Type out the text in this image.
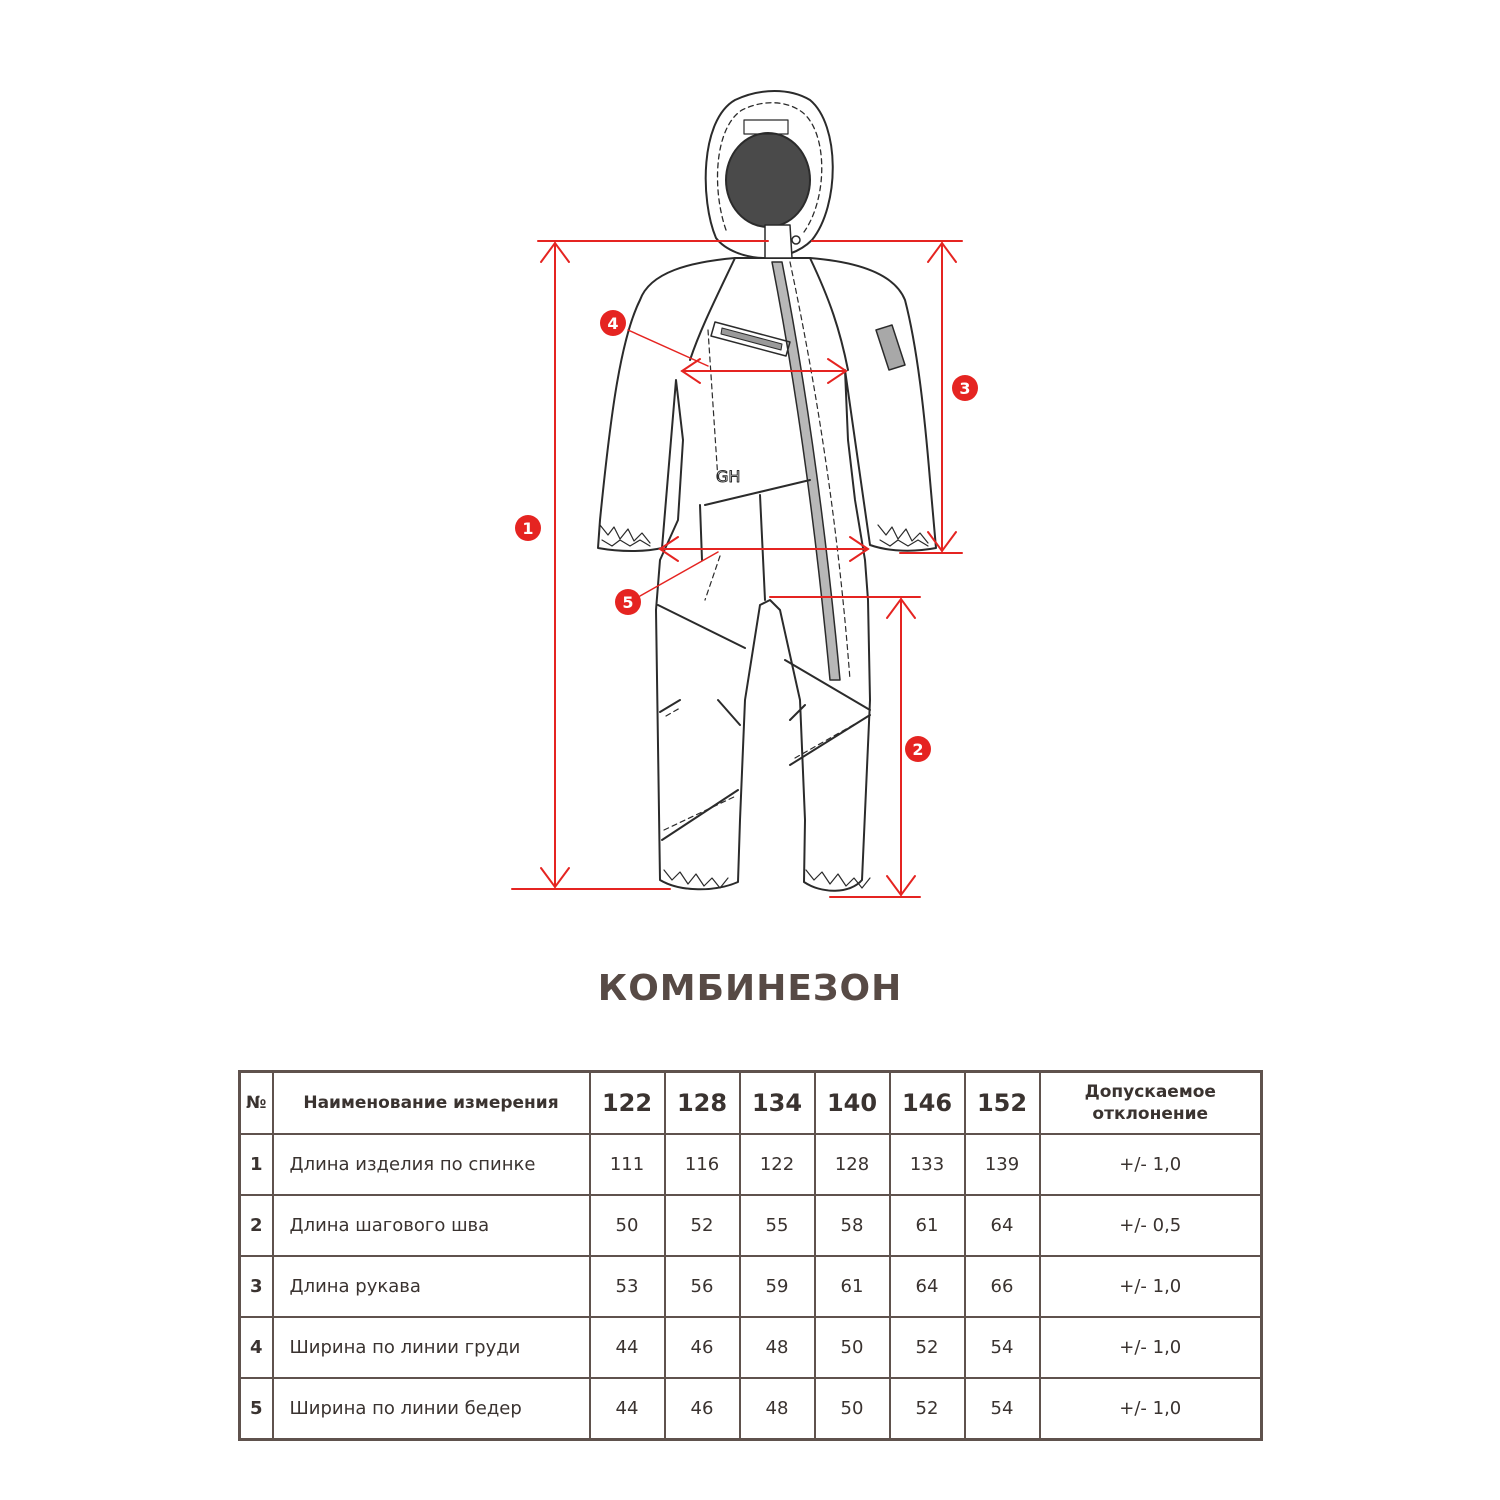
GH
1
2
3
4
5
КОМБИНЕЗОН
№	Наименование измерения	122	128	134	140	146	152	Допускаемое
отклонение
1	Длина изделия по спинке	111	116	122	128	133	139	+/- 1,0
2	Длина шагового шва	50	52	55	58	61	64	+/- 0,5
3	Длина рукава	53	56	59	61	64	66	+/- 1,0
4	Ширина по линии груди	44	46	48	50	52	54	+/- 1,0
5	Ширина по линии бедер	44	46	48	50	52	54	+/- 1,0
